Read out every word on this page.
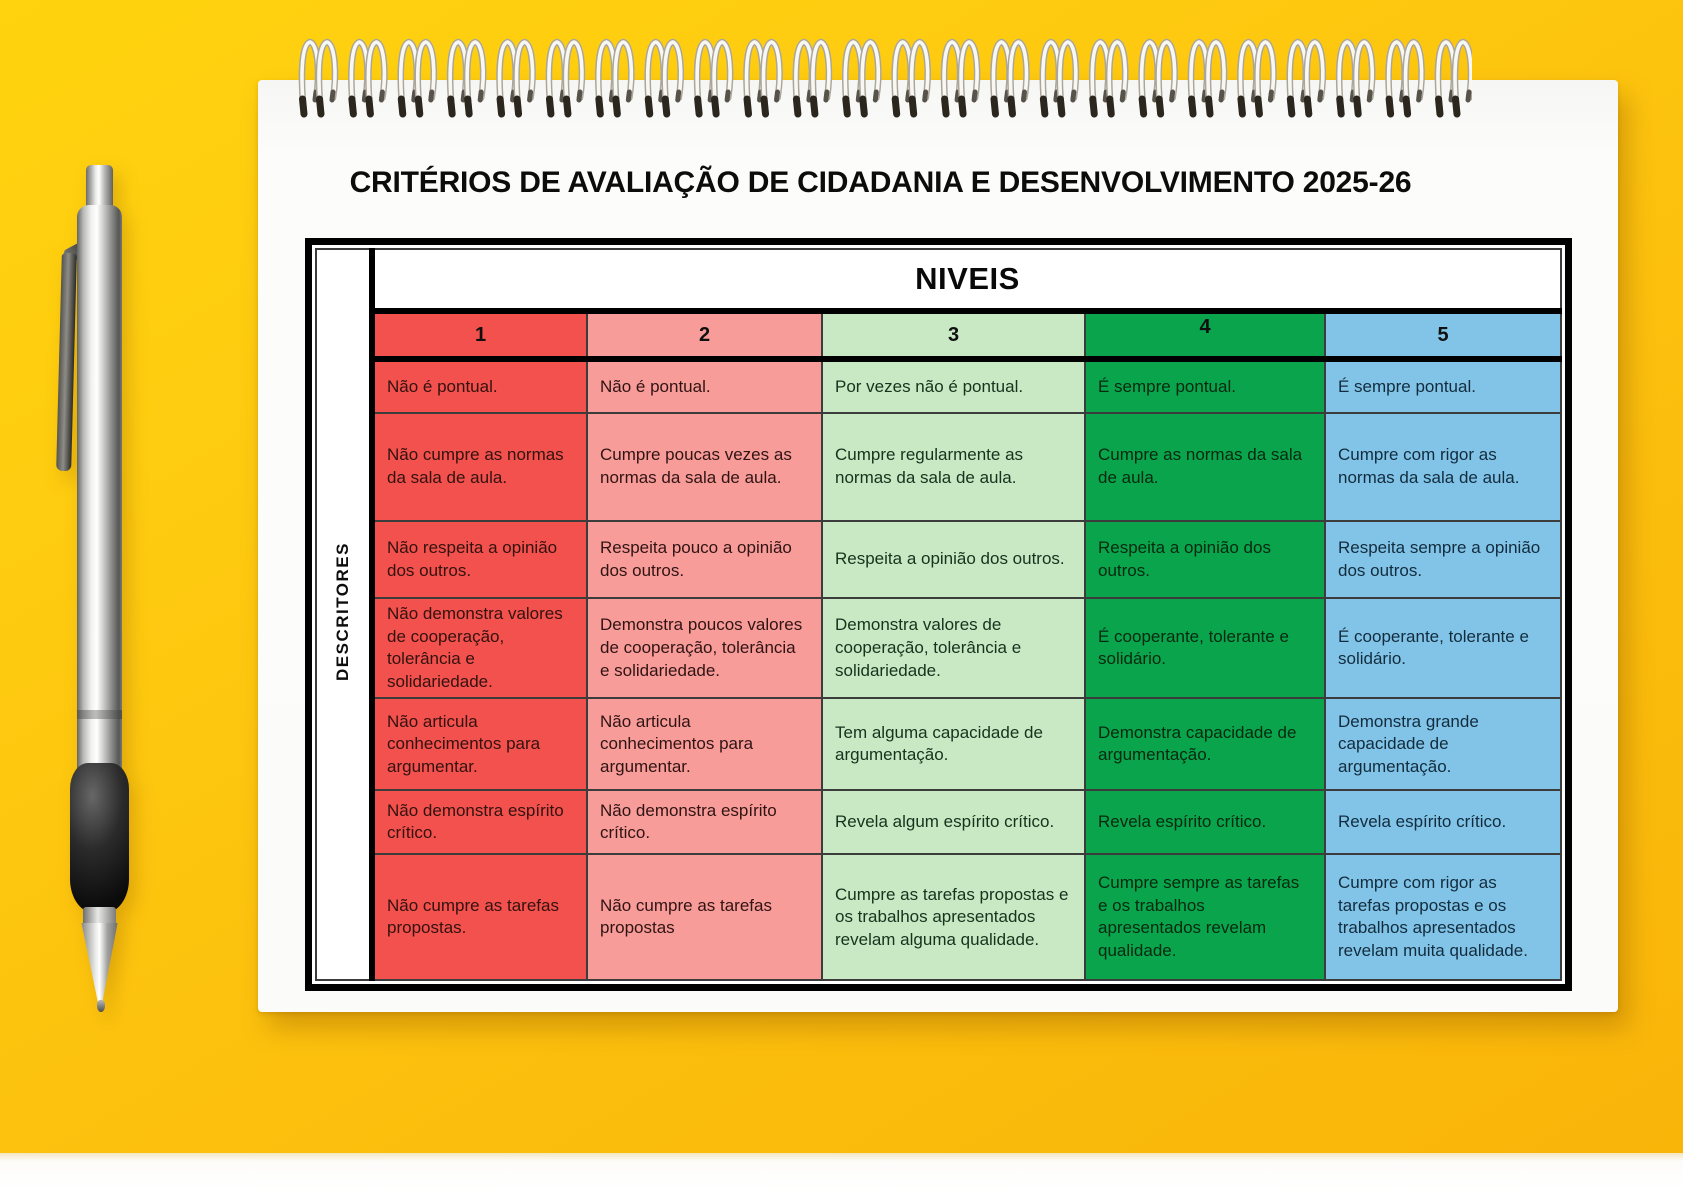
CRITÉRIOS DE AVALIAÇÃO DE CIDADANIA E DESENVOLVIMENTO 2025-26
DESCRITORES	NIVEIS				
	1	2	3	4	5
	Não é pontual.	Não é pontual.	Por vezes não é pontual.	É sempre pontual.	É sempre pontual.
	Não cumpre as normas da sala de aula.	Cumpre poucas vezes as normas da sala de aula.	Cumpre regularmente as normas da sala de aula.	Cumpre as normas da sala de aula.	Cumpre com rigor as normas da sala de aula.
	Não respeita a opinião dos outros.	Respeita pouco a opinião dos outros.	Respeita a opinião dos outros.	Respeita a opinião dos outros.	Respeita sempre a opinião dos outros.
	Não demonstra valores de cooperação, tolerância e solidariedade.	Demonstra poucos valores de cooperação, tolerância e solidariedade.	Demonstra valores de cooperação, tolerância e solidariedade.	É cooperante, tolerante e solidário.	É cooperante, tolerante e solidário.
	Não articula conhecimentos para argumentar.	Não articula conhecimentos para argumentar.	Tem alguma capacidade de argumentação.	Demonstra capacidade de argumentação.	Demonstra grande capacidade de argumentação.
	Não demonstra espírito crítico.	Não demonstra espírito crítico.	Revela algum espírito crítico.	Revela espírito crítico.	Revela espírito crítico.
	Não cumpre as tarefas propostas.	Não cumpre as tarefas propostas	Cumpre as tarefas propostas e os trabalhos apresentados revelam alguma qualidade.	Cumpre sempre as tarefas e os trabalhos apresentados revelam qualidade.	Cumpre com rigor as tarefas propostas e os trabalhos apresentados revelam muita qualidade.
